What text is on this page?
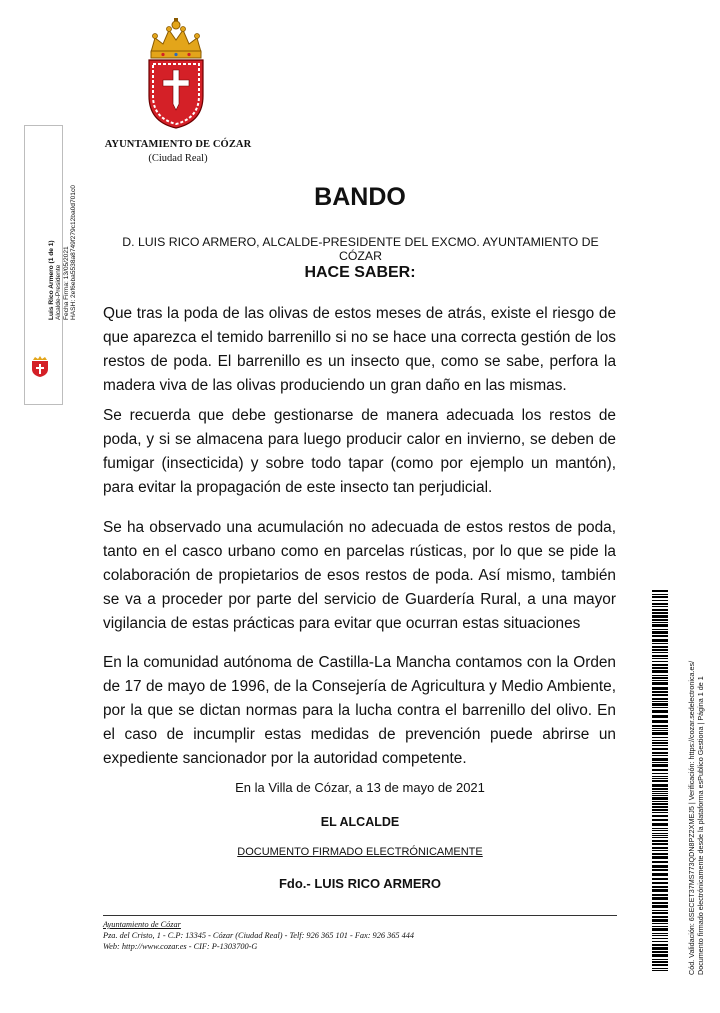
AYUNTAMIENTO DE CÓZAR
(Ciudad Real)
Luis Rico Armero (1 de 1) Alcalde-Presidente Fecha Firma: 13/05/2021 HASH: 2ef6eba5538a8749f279c12ba0d701c0	BANDO
D. LUIS RICO ARMERO, ALCALDE-PRESIDENTE DEL EXCMO. AYUNTAMIENTO DE CÓZAR
HACE SABER:
Que tras la poda de las olivas de estos meses de atrás, existe el riesgo de que aparezca el temido barrenillo si no se hace una correcta gestión de los restos de poda. El barrenillo es un insecto que, como se sabe, perfora la madera viva de las olivas produciendo un gran daño en las mismas.
Se recuerda que debe gestionarse de manera adecuada los restos de poda, y si se almacena para luego producir calor en invierno, se deben de fumigar (insecticida) y sobre todo tapar (como por ejemplo un mantón), para evitar la propagación de este insecto tan perjudicial.
Se ha observado una acumulación no adecuada de estos restos de poda, tanto en el casco urbano como en parcelas rústicas, por lo que se pide la colaboración de propietarios de esos restos de poda. Así mismo, también se va a proceder por parte del servicio de Guardería Rural, a una mayor vigilancia de estas prácticas para evitar que ocurran estas situaciones
En la comunidad autónoma de Castilla-La Mancha contamos con la Orden de 17 de mayo de 1996, de la Consejería de Agricultura y Medio Ambiente, por la que se dictan normas para la lucha contra el barrenillo del olivo. En el caso de incumplir estas medidas de prevención puede abrirse un expediente sancionador por la autoridad competente.
En la Villa de Cózar, a 13 de mayo de 2021
EL ALCALDE
DOCUMENTO FIRMADO ELECTRÓNICAMENTE
Fdo.- LUIS RICO ARMERO
Ayuntamiento de Cózar
Pza. del Cristo, 1 - C.P: 13345 - Cózar (Ciudad Real) - Telf: 926 365 101 - Fax: 926 365 444
Web: http://www.cozar.es - CIF: P-1303700-G	Cód. Validación: 6SECET37MS773QDN8PZ2XMEJ5 | Verificación: https://cozar.sedelectronica.es/ Documento firmado electrónicamente desde la plataforma esPublico Gestiona | Página 1 de 1
